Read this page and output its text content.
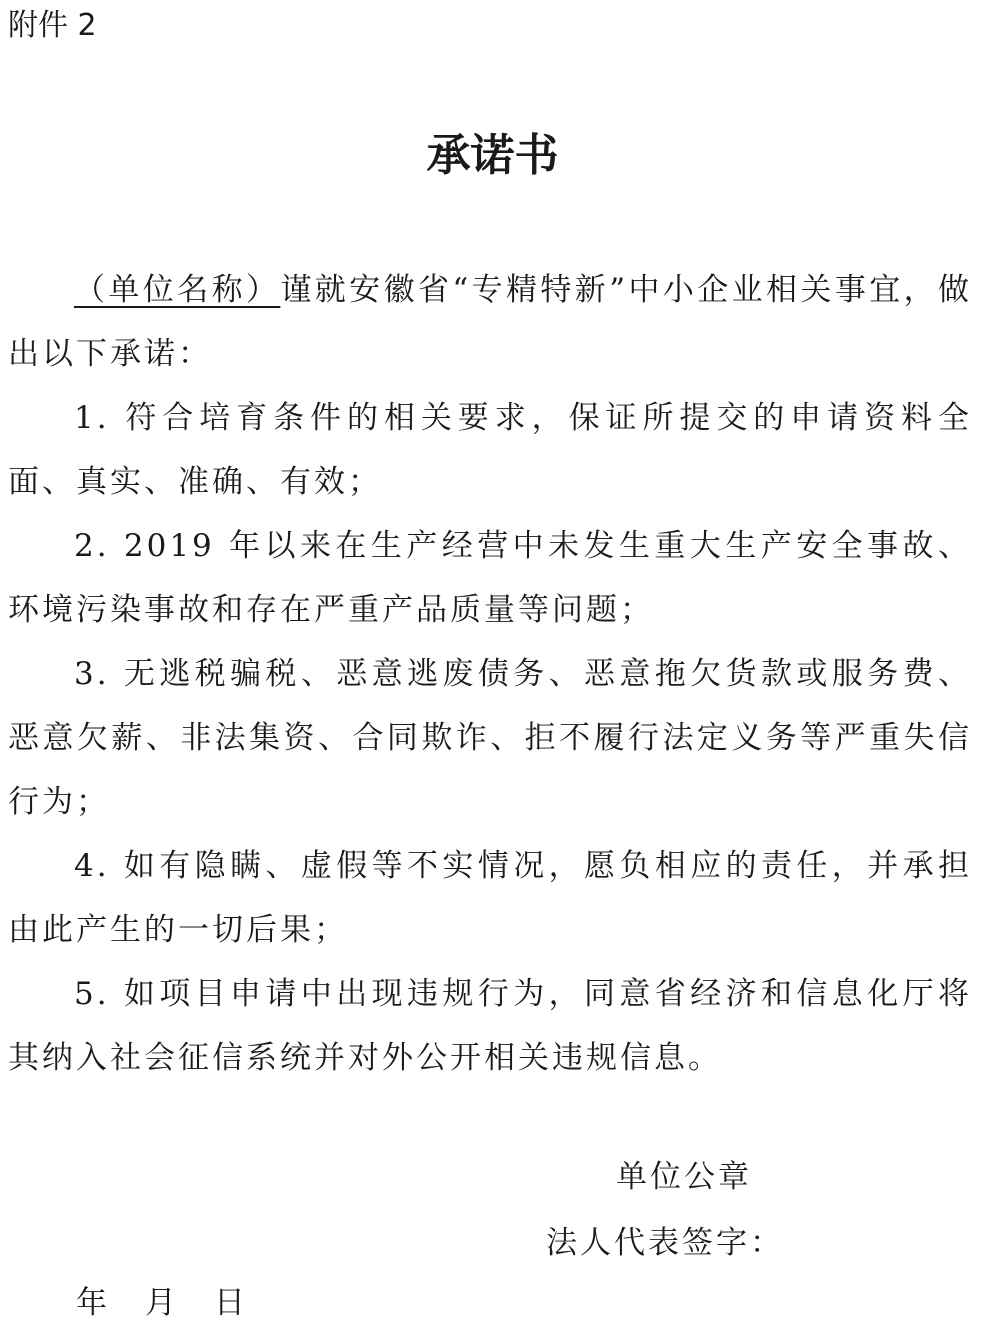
附件 2
承诺书

（单位名称）谨就安徽省“专精特新”中小企业相关事宜，做出以下承诺：

1. 符合培育条件的相关要求，保证所提交的申请资料全面、真实、准确、有效；

2. 2019 年以来在生产经营中未发生重大生产安全事故、环境污染事故和存在严重产品质量等问题；

3. 无逃税骗税、恶意逃废债务、恶意拖欠货款或服务费、恶意欠薪、非法集资、合同欺诈、拒不履行法定义务等严重失信行为；

4. 如有隐瞒、虚假等不实情况，愿负相应的责任，并承担由此产生的一切后果；

5. 如项目申请中出现违规行为，同意省经济和信息化厅将其纳入社会征信系统并对外公开相关违规信息。

单位公章
法人代表签字：
年 月 日
